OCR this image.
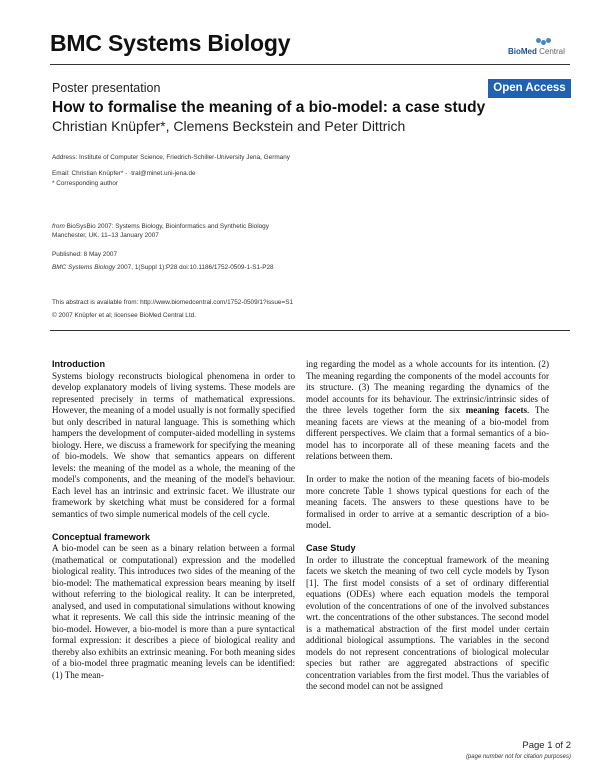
BMC Systems Biology	BioMed Central
Poster presentation	Open Access
How to formalise the meaning of a bio-model: a case study
Christian Knüpfer*, Clemens Beckstein and Peter Dittrich
Address: Institute of Computer Science, Friedrich-Schiller-University Jena, Germany
Email: Christian Knüpfer* - ·tral@minet.uni-jena.de
* Corresponding author
from BioSysBio 2007: Systems Biology, Bioinformatics and Synthetic Biology
Manchester, UK. 11–13 January 2007
Published: 8 May 2007
BMC Systems Biology 2007, 1(Suppl 1):P28 doi:10.1186/1752-0509-1-S1-P28
This abstract is available from: http://www.biomedcentral.com/1752-0509/1?issue=S1
© 2007 Knüpfer et al; licensee BioMed Central Ltd.
Introduction

Systems biology reconstructs biological phenomena in order to develop explanatory models of living systems. These models are represented precisely in terms of mathematical expressions. However, the meaning of a model usually is not formally specified but only described in natural language. This is something which hampers the development of computer-aided modelling in systems biology. Here, we discuss a framework for specifying the meaning of bio-models. We show that semantics appears on different levels: the meaning of the model as a whole, the meaning of the model's components, and the meaning of the model's behaviour. Each level has an intrinsic and extrinsic facet. We illustrate our framework by sketching what must be considered for a formal semantics of two simple numerical models of the cell cycle.

Conceptual framework

A bio-model can be seen as a binary relation between a formal (mathematical or computational) expression and the modelled biological reality. This introduces two sides of the meaning of the bio-model: The mathematical expression bears meaning by itself without referring to the biological reality. It can be interpreted, analysed, and used in computational simulations without knowing what it represents. We call this side the intrinsic meaning of the bio-model. However, a bio-model is more than a pure syntactical formal expression: it describes a piece of biological reality and thereby also exhibits an extrinsic meaning. For both meaning sides of a bio-model three pragmatic meaning levels can be identified: (1) The mean-

ing regarding the model as a whole accounts for its intention. (2) The meaning regarding the components of the model accounts for its structure. (3) The meaning regarding the dynamics of the model accounts for its behaviour. The extrinsic/intrinsic sides of the three levels together form the six meaning facets. The meaning facets are views at the meaning of a bio-model from different perspectives. We claim that a formal semantics of a bio-model has to incorporate all of these meaning facets and the relations between them.

In order to make the notion of the meaning facets of bio-models more concrete Table 1 shows typical questions for each of the meaning facets. The answers to these questions have to be formalised in order to arrive at a semantic description of a bio-model.

Case Study

In order to illustrate the conceptual framework of the meaning facets we sketch the meaning of two cell cycle models by Tyson [1]. The first model consists of a set of ordinary differential equations (ODEs) where each equation models the temporal evolution of the concentrations of one of the involved substances wrt. the concentrations of the other substances. The second model is a mathematical abstraction of the first model under certain additional biological assumptions. The variables in the second models do not represent concentrations of biological molecular species but rather are aggregated abstractions of specific concentration variables from the first model. Thus the variables of the second model can not be assigned

Page 1 of 2
(page number not for citation purposes)
